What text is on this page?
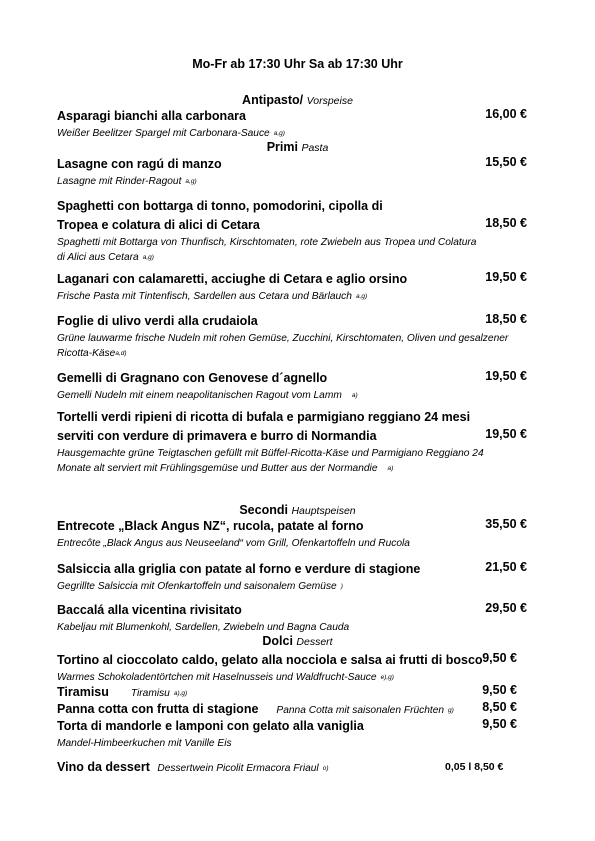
Mo-Fr ab 17:30 Uhr Sa ab 17:30 Uhr
Antipasto/ Vorspeise
Asparagi bianchi alla carbonara	16,00 €
Weißer Beelitzer Spargel mit Carbonara-Sauce a,g)
Primi Pasta
Lasagne con ragú di manzo	15,50 €
Lasagne mit Rinder-Ragout a,g)
Spaghetti con bottarga di tonno, pomodorini, cipolla di
Tropea e colatura di alici di Cetara	18,50 €
Spaghetti mit Bottarga von Thunfisch, Kirschtomaten, rote Zwiebeln aus Tropea und Colatura
di Alici aus Cetara a,g)
Laganari con calamaretti, acciughe di Cetara e aglio orsino	19,50 €
Frische Pasta mit Tintenfisch, Sardellen aus Cetara und Bärlauch a,g)
Foglie di ulivo verdi alla crudaiola	18,50 €
Grüne lauwarme frische Nudeln mit rohen Gemüse, Zucchini, Kirschtomaten, Oliven und gesalzener
Ricotta-Käsea,d)
Gemelli di Gragnano con Genovese d´agnello	19,50 €
Gemelli Nudeln mit einem neapolitanischen Ragout vom Lamm a)
Tortelli verdi ripieni di ricotta di bufala e parmigiano reggiano 24 mesi
serviti con verdure di primavera e burro di Normandia	19,50 €
Hausgemachte grüne Teigtaschen gefüllt mit Büffel-Ricotta-Käse und Parmigiano Reggiano 24
Monate alt serviert mit Frühlingsgemüse und Butter aus der Normandie a)
Secondi Hauptspeisen
Entrecote „Black Angus NZ“, rucola, patate al forno	35,50 €
Entrecôte „Black Angus aus Neuseeland“ vom Grill, Ofenkartoffeln und Rucola
Salsiccia alla griglia con patate al forno e verdure di stagione	21,50 €
Gegrillte Salsiccia mit Ofenkartoffeln und saisonalem Gemüse )
Baccalá alla vicentina rivisitato	29,50 €
Kabeljau mit Blumenkohl, Sardellen, Zwiebeln und Bagna Cauda
Dolci Dessert
Tortino al cioccolato caldo, gelato alla nocciola e salsa ai frutti di bosco 9,50 €
Warmes Schokoladentörtchen mit Haselnusseis und Waldfrucht-Sauce e),g)
Tiramisu Tiramisu a),g)	9,50 €
Panna cotta con frutta di stagione Panna Cotta mit saisonalen Früchten g)	8,50 €
Torta di mandorle e lamponi con gelato alla vaniglia	9,50 €
Mandel-Himbeerkuchen mit Vanille Eis
Vino da dessert Dessertwein Picolit Ermacora Friaul o)	0,05 l 8,50 €
